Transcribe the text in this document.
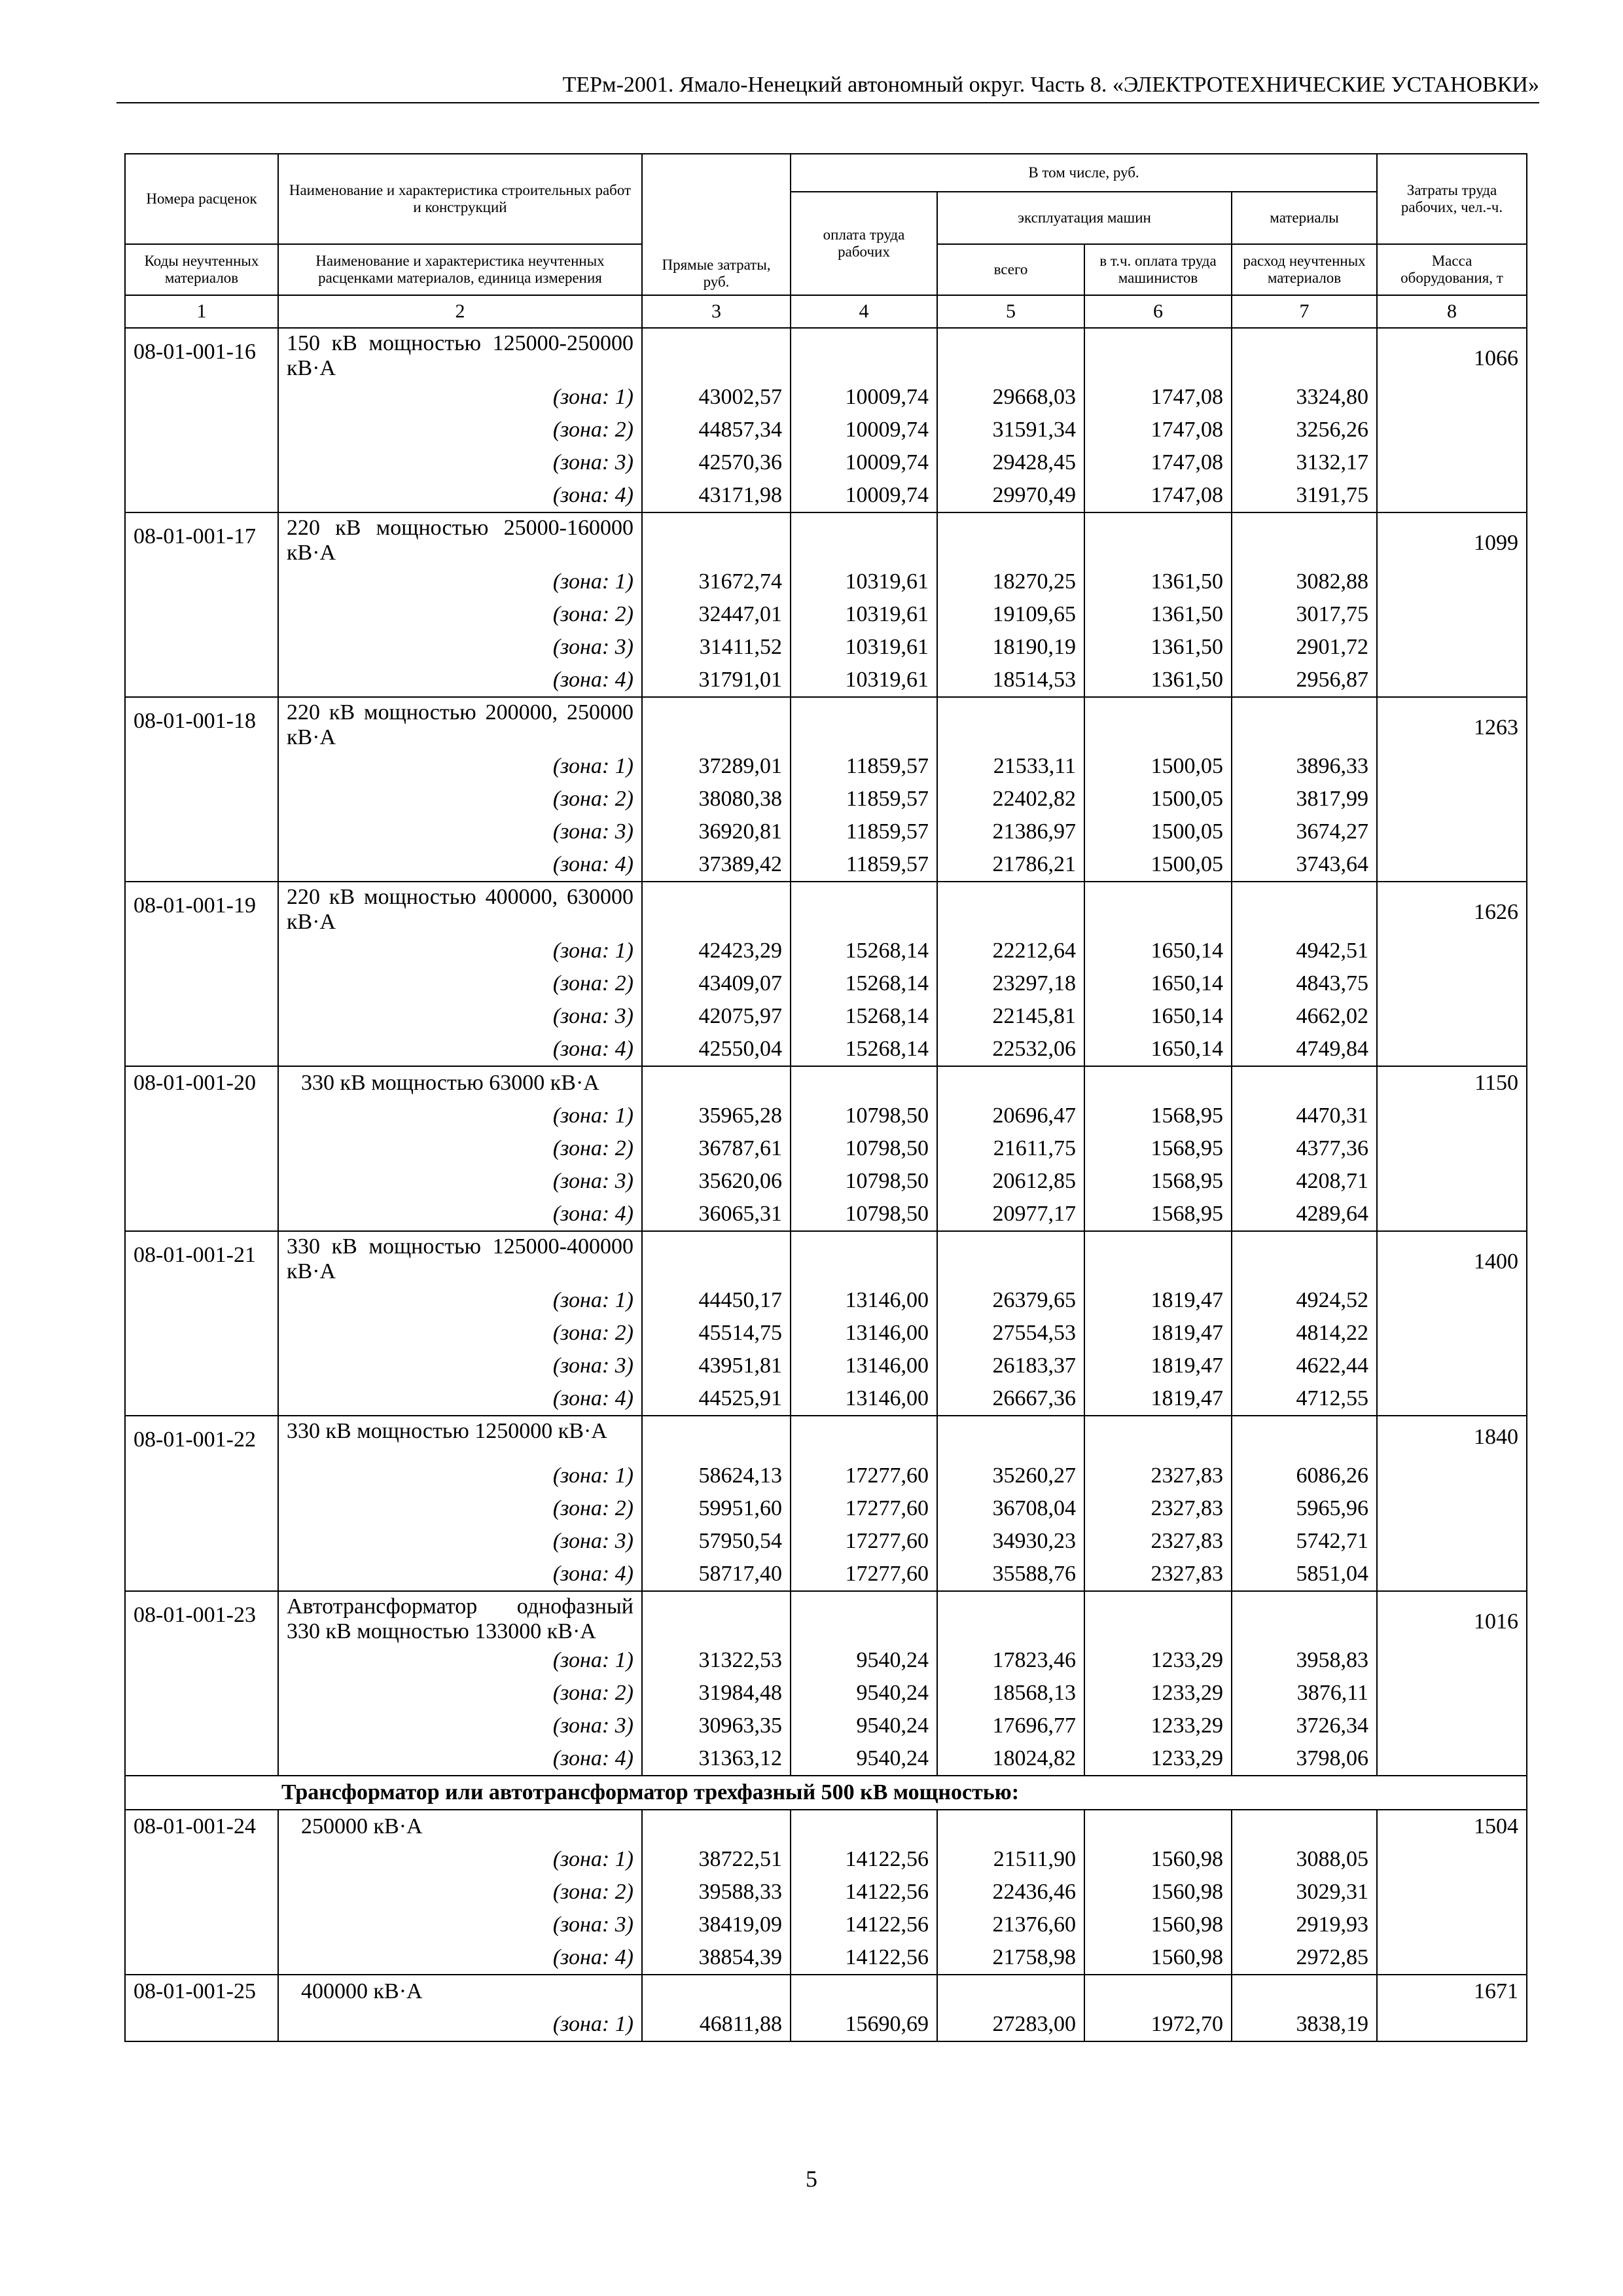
ТЕРм-2001. Ямало-Ненецкий автономный округ. Часть 8. «ЭЛЕКТРОТЕХНИЧЕСКИЕ УСТАНОВКИ»
Номера расценок	Наименование и характеристика строительных работ и конструкций	Прямые затраты, руб.	В том числе, руб.				Затраты труда рабочих, чел.-ч.
			оплата труда рабочих	эксплуатация машин		материалы	
Коды неучтенных материалов	Наименование и характеристика неучтенных расценками материалов, единица измерения			всего	в т.ч. оплата труда машинистов	расход неучтенных материалов	Масса оборудования, т
1	2	3	4	5	6	7	8
08-01-001-16	150 кВ мощностью 125000-250000 кВ·А						1066
	(зона: 1)	43002,57	10009,74	29668,03	1747,08	3324,80	
	(зона: 2)	44857,34	10009,74	31591,34	1747,08	3256,26	
	(зона: 3)	42570,36	10009,74	29428,45	1747,08	3132,17	
	(зона: 4)	43171,98	10009,74	29970,49	1747,08	3191,75	
08-01-001-17	220 кВ мощностью 25000-160000 кВ·А						1099
	(зона: 1)	31672,74	10319,61	18270,25	1361,50	3082,88	
	(зона: 2)	32447,01	10319,61	19109,65	1361,50	3017,75	
	(зона: 3)	31411,52	10319,61	18190,19	1361,50	2901,72	
	(зона: 4)	31791,01	10319,61	18514,53	1361,50	2956,87	
08-01-001-18	220 кВ мощностью 200000, 250000 кВ·А						1263
	(зона: 1)	37289,01	11859,57	21533,11	1500,05	3896,33	
	(зона: 2)	38080,38	11859,57	22402,82	1500,05	3817,99	
	(зона: 3)	36920,81	11859,57	21386,97	1500,05	3674,27	
	(зона: 4)	37389,42	11859,57	21786,21	1500,05	3743,64	
08-01-001-19	220 кВ мощностью 400000, 630000 кВ·А						1626
	(зона: 1)	42423,29	15268,14	22212,64	1650,14	4942,51	
	(зона: 2)	43409,07	15268,14	23297,18	1650,14	4843,75	
	(зона: 3)	42075,97	15268,14	22145,81	1650,14	4662,02	
	(зона: 4)	42550,04	15268,14	22532,06	1650,14	4749,84	
08-01-001-20	330 кВ мощностью 63000 кВ·А						1150
	(зона: 1)	35965,28	10798,50	20696,47	1568,95	4470,31	
	(зона: 2)	36787,61	10798,50	21611,75	1568,95	4377,36	
	(зона: 3)	35620,06	10798,50	20612,85	1568,95	4208,71	
	(зона: 4)	36065,31	10798,50	20977,17	1568,95	4289,64	
08-01-001-21	330 кВ мощностью 125000-400000 кВ·А						1400
	(зона: 1)	44450,17	13146,00	26379,65	1819,47	4924,52	
	(зона: 2)	45514,75	13146,00	27554,53	1819,47	4814,22	
	(зона: 3)	43951,81	13146,00	26183,37	1819,47	4622,44	
	(зона: 4)	44525,91	13146,00	26667,36	1819,47	4712,55	
08-01-001-22	330 кВ мощностью 1250000 кВ·А						1840
	(зона: 1)	58624,13	17277,60	35260,27	2327,83	6086,26	
	(зона: 2)	59951,60	17277,60	36708,04	2327,83	5965,96	
	(зона: 3)	57950,54	17277,60	34930,23	2327,83	5742,71	
	(зона: 4)	58717,40	17277,60	35588,76	2327,83	5851,04	
08-01-001-23	Автотрансформатор однофазный 330 кВ мощностью 133000 кВ·А						1016
	(зона: 1)	31322,53	9540,24	17823,46	1233,29	3958,83	
	(зона: 2)	31984,48	9540,24	18568,13	1233,29	3876,11	
	(зона: 3)	30963,35	9540,24	17696,77	1233,29	3726,34	
	(зона: 4)	31363,12	9540,24	18024,82	1233,29	3798,06	
Трансформатор или автотрансформатор трехфазный 500 кВ мощностью:							
08-01-001-24	250000 кВ·А						1504
	(зона: 1)	38722,51	14122,56	21511,90	1560,98	3088,05	
	(зона: 2)	39588,33	14122,56	22436,46	1560,98	3029,31	
	(зона: 3)	38419,09	14122,56	21376,60	1560,98	2919,93	
	(зона: 4)	38854,39	14122,56	21758,98	1560,98	2972,85	
08-01-001-25	400000 кВ·А						1671
	(зона: 1)	46811,88	15690,69	27283,00	1972,70	3838,19	
5
